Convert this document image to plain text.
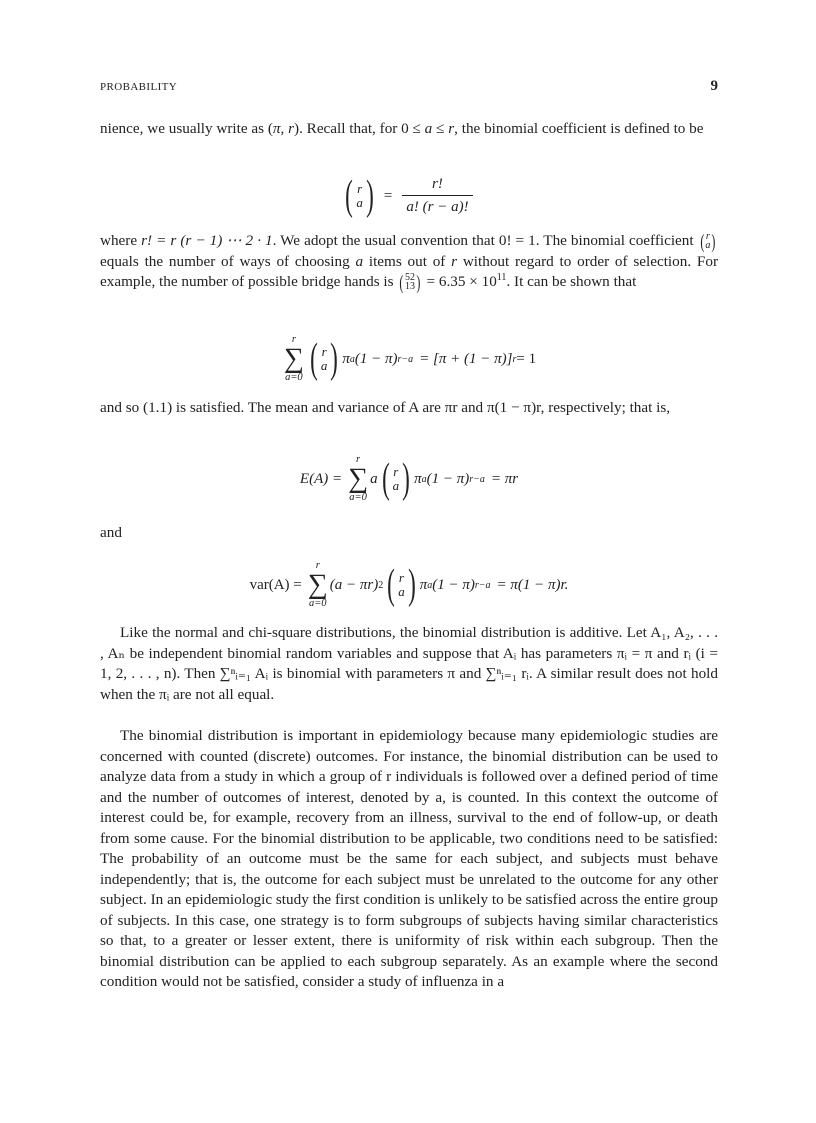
PROBABILITY	9

nience, we usually write as (π, r). Recall that, for 0 ≤ a ≤ r, the binomial coefficient is defined to be

( r
a ) = $\frac{r!}{a! (r - a)!}$

where r! = r (r − 1) ⋯ 2 · 1. We adopt the usual convention that 0! = 1. The binomial coefficient ( r
a )
equals the number of ways of choosing a items out of r without regard to order of selection. For example, the number of possible bridge hands is ( 52
13 ) = $6.35 \times 10^{11}$. It can be shown that

r
∑
a=0 ( r
a ) π a (1 − π) r−a = [π + (1 − π)] r = 1

and so (1.1) is satisfied. The mean and variance of A are πr and π(1 − π)r, respectively; that is,

E(A) =
r
∑
a=0
a ( r
a ) π a (1 − π) r−a = πr

and

var(A) =
r
∑
a=0
(a − πr) 2 ( r
a ) π a (1 − π) r−a = π(1 − π)r.

Like the normal and chi-square distributions, the binomial distribution is additive. Let A₁, A₂, . . . , Aₙ be independent binomial random variables and suppose that Aᵢ has parameters πᵢ = π and rᵢ (i = 1, 2, . . . , n). Then ∑ⁿᵢ₌₁ Aᵢ is binomial with parameters π and ∑ⁿᵢ₌₁ rᵢ. A similar result does not hold when the πᵢ are not all equal.

The binomial distribution is important in epidemiology because many epidemiologic studies are concerned with counted (discrete) outcomes. For instance, the binomial distribution can be used to analyze data from a study in which a group of r individuals is followed over a defined period of time and the number of outcomes of interest, denoted by a, is counted. In this context the outcome of interest could be, for example, recovery from an illness, survival to the end of follow-up, or death from some cause. For the binomial distribution to be applicable, two conditions need to be satisfied: The probability of an outcome must be the same for each subject, and subjects must behave independently; that is, the outcome for each subject must be unrelated to the outcome for any other subject. In an epidemiologic study the first condition is unlikely to be satisfied across the entire group of subjects. In this case, one strategy is to form subgroups of subjects having similar characteristics so that, to a greater or lesser extent, there is uniformity of risk within each subgroup. Then the binomial distribution can be applied to each subgroup separately. As an example where the second condition would not be satisfied, consider a study of influenza in a
